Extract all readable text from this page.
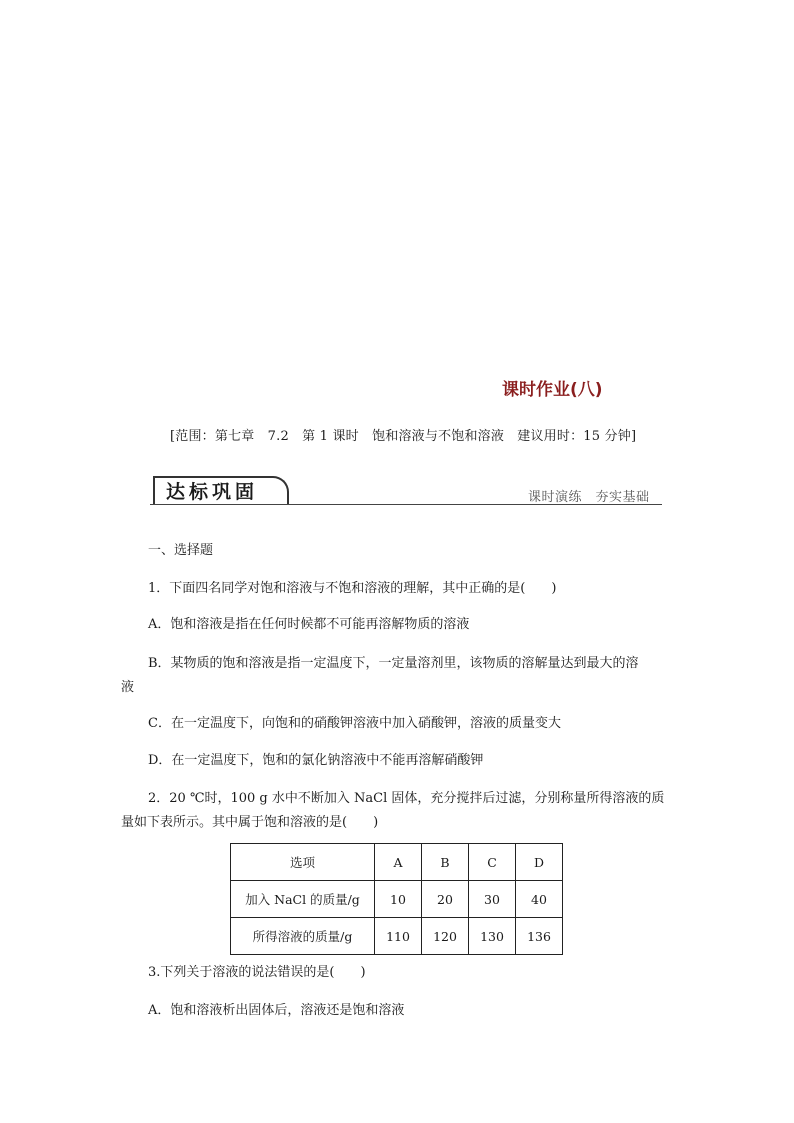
课时作业(八)
[范围：第七章　7.2　第 1 课时　饱和溶液与不饱和溶液　建议用时：15 分钟]
达标巩固	课时演练　夯实基础
一、选择题
1．下面四名同学对饱和溶液与不饱和溶液的理解，其中正确的是(　　)
A．饱和溶液是指在任何时候都不可能再溶解物质的溶液
B．某物质的饱和溶液是指一定温度下，一定量溶剂里，该物质的溶解量达到最大的溶
液
C．在一定温度下，向饱和的硝酸钾溶液中加入硝酸钾，溶液的质量变大
D．在一定温度下，饱和的氯化钠溶液中不能再溶解硝酸钾
2．20 ℃时，100 g 水中不断加入 NaCl 固体，充分搅拌后过滤，分别称量所得溶液的质
量如下表所示。其中属于饱和溶液的是(　　)
选项	A	B	C	D
加入 NaCl 的质量/g	10	20	30	40
所得溶液的质量/g	110	120	130	136
3.下列关于溶液的说法错误的是(　　)
A．饱和溶液析出固体后，溶液还是饱和溶液
